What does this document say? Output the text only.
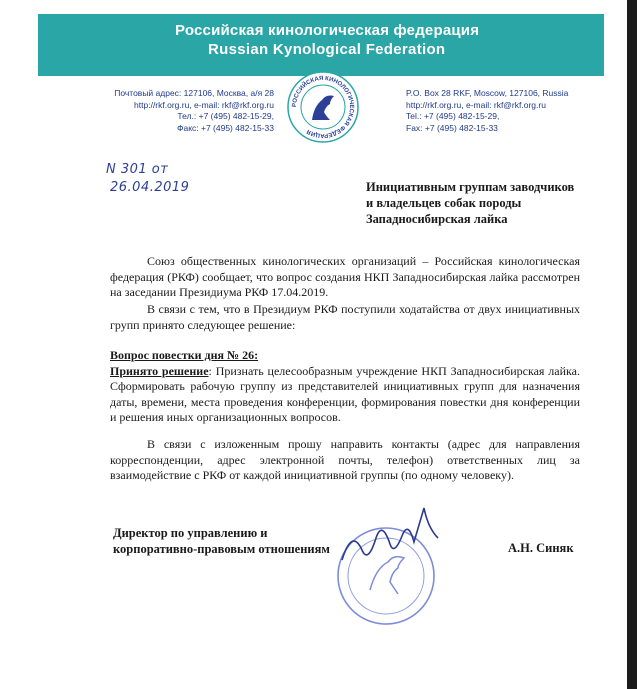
Российская кинологическая федерация
Russian Kynological Federation
Почтовый адрес: 127106, Москва, а/я 28
http://rkf.org.ru, e-mail: rkf@rkf.org.ru
Тел.: +7 (495) 482-15-29,
Факс: +7 (495) 482-15-33
РОССИЙСКАЯ КИНОЛОГИЧЕСКАЯ ФЕДЕРАЦИЯ
P.O. Box 28 RKF, Moscow, 127106, Russia
http://rkf.org.ru, e-mail: rkf@rkf.org.ru
Tel.: +7 (495) 482-15-29,
Fax: +7 (495) 482-15-33
N 301 от
26.04.2019	Инициативным группам заводчиков
и владельцев собак породы
Западносибирская лайка
Союз общественных кинологических организаций – Российская кинологическая федерация (РКФ) сообщает, что вопрос создания НКП Западносибирская лайка рассмотрен на заседании Президиума РКФ 17.04.2019.
В связи с тем, что в Президиум РКФ поступили ходатайства от двух инициативных групп принято следующее решение:
Вопрос повестки дня № 26:
Принято решение: Признать целесообразным учреждение НКП Западносибирская лайка. Сформировать рабочую группу из представителей инициативных групп для назначения даты, времени, места проведения конференции, формирования повестки дня конференции и решения иных организационных вопросов.
В связи с изложенным прошу направить контакты (адрес для направления корреспонденции, адрес электронной почты, телефон) ответственных лиц за взаимодействие с РКФ от каждой инициативной группы (по одному человеку).
Директор по управлению и
корпоративно-правовым отношениям	А.Н. Синяк
